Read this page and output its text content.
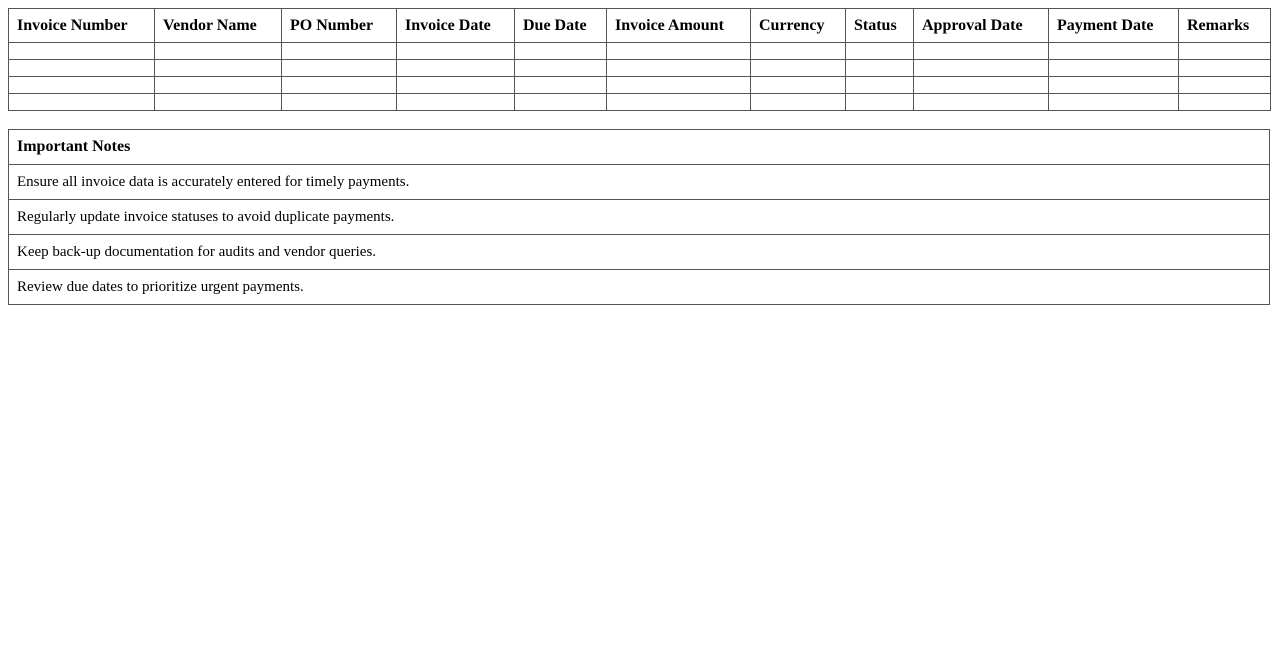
Invoice Number	Vendor Name	PO Number	Invoice Date	Due Date	Invoice Amount	Currency	Status	Approval Date	Payment Date	Remarks

Important Notes
Ensure all invoice data is accurately entered for timely payments.
Regularly update invoice statuses to avoid duplicate payments.
Keep back-up documentation for audits and vendor queries.
Review due dates to prioritize urgent payments.
